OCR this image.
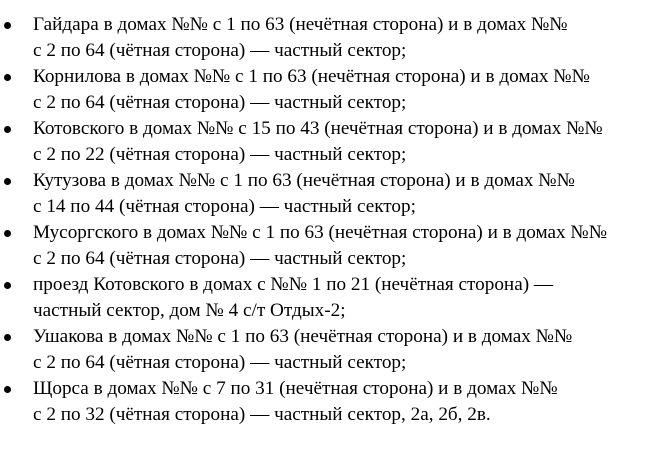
Гайдара в домах №№ с 1 по 63 (нечётная сторона) и в домах №№
с 2 по 64 (чётная сторона) — частный сектор;
Корнилова в домах №№ с 1 по 63 (нечётная сторона) и в домах №№
с 2 по 64 (чётная сторона) — частный сектор;
Котовского в домах №№ с 15 по 43 (нечётная сторона) и в домах №№
с 2 по 22 (чётная сторона) — частный сектор;
Кутузова в домах №№ с 1 по 63 (нечётная сторона) и в домах №№
с 14 по 44 (чётная сторона) — частный сектор;
Мусоргского в домах №№ с 1 по 63 (нечётная сторона) и в домах №№
с 2 по 64 (чётная сторона) — частный сектор;
проезд Котовского в домах с №№ 1 по 21 (нечётная сторона) —
частный сектор, дом № 4 с/т Отдых-2;
Ушакова в домах №№ с 1 по 63 (нечётная сторона) и в домах №№
с 2 по 64 (чётная сторона) — частный сектор;
Щорса в домах №№ с 7 по 31 (нечётная сторона) и в домах №№
с 2 по 32 (чётная сторона) — частный сектор, 2а, 2б, 2в.
